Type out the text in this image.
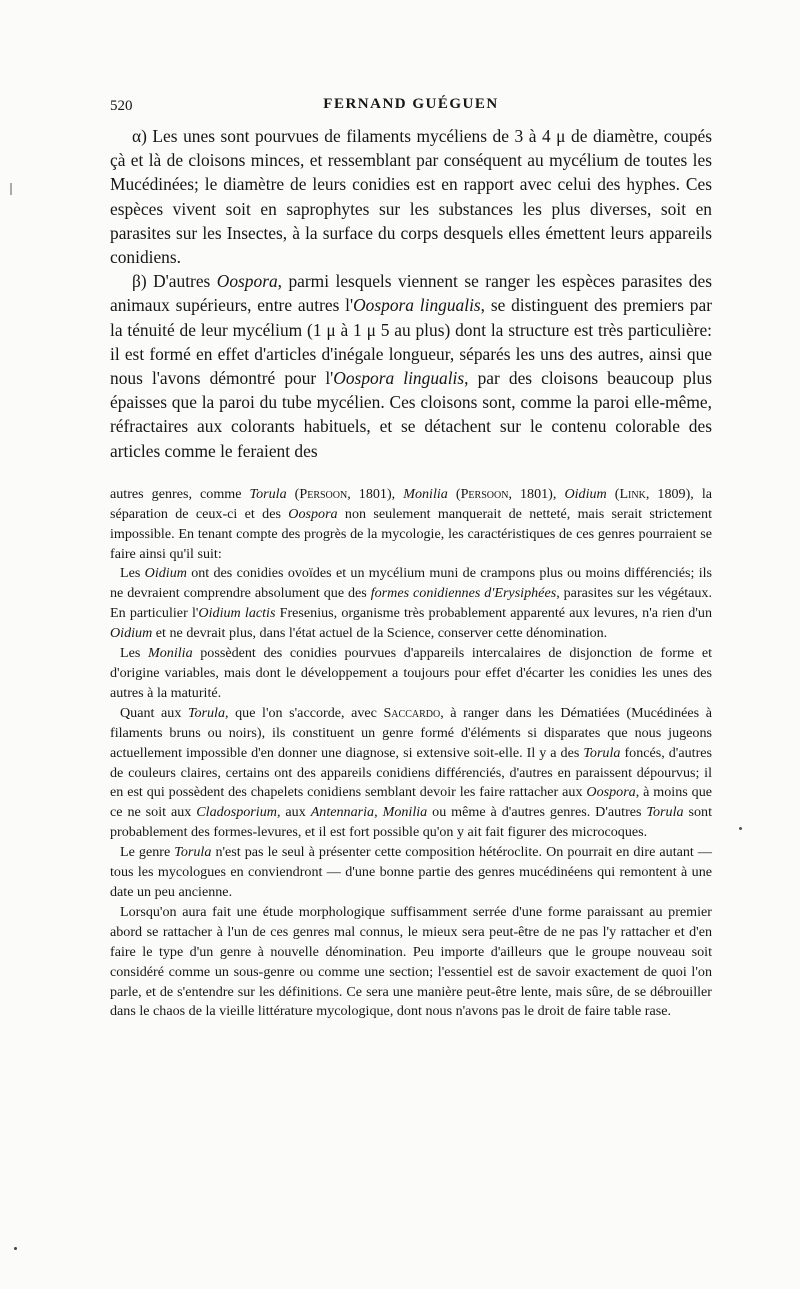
520	FERNAND GUÉGUEN

α) Les unes sont pourvues de filaments mycéliens de 3 à 4 μ de diamètre, coupés çà et là de cloisons minces, et ressemblant par conséquent au mycélium de toutes les Mucédinées; le diamètre de leurs conidies est en rapport avec celui des hyphes. Ces espèces vivent soit en saprophytes sur les substances les plus diverses, soit en parasites sur les Insectes, à la surface du corps desquels elles émettent leurs appareils conidiens.

β) D'autres Oospora, parmi lesquels viennent se ranger les espèces parasites des animaux supérieurs, entre autres l'Oospora lingualis, se distinguent des premiers par la ténuité de leur mycélium (1 μ à 1 μ 5 au plus) dont la structure est très particulière: il est formé en effet d'articles d'inégale longueur, séparés les uns des autres, ainsi que nous l'avons démontré pour l'Oospora lingualis, par des cloisons beaucoup plus épaisses que la paroi du tube mycélien. Ces cloisons sont, comme la paroi elle-même, réfractaires aux colorants habituels, et se détachent sur le contenu colorable des articles comme le feraient des

autres genres, comme Torula (Persoon, 1801), Monilia (Persoon, 1801), Oidium (Link, 1809), la séparation de ceux-ci et des Oospora non seulement manquerait de netteté, mais serait strictement impossible. En tenant compte des progrès de la mycologie, les caractéristiques de ces genres pourraient se faire ainsi qu'il suit:

Les Oidium ont des conidies ovoïdes et un mycélium muni de crampons plus ou moins différenciés; ils ne devraient comprendre absolument que des formes conidiennes d'Erysiphées, parasites sur les végétaux. En particulier l'Oidium lactis Fresenius, organisme très probablement apparenté aux levures, n'a rien d'un Oidium et ne devrait plus, dans l'état actuel de la Science, conserver cette dénomination.

Les Monilia possèdent des conidies pourvues d'appareils intercalaires de disjonction de forme et d'origine variables, mais dont le développement a toujours pour effet d'écarter les conidies les unes des autres à la maturité.

Quant aux Torula, que l'on s'accorde, avec Saccardo, à ranger dans les Dématiées (Mucédinées à filaments bruns ou noirs), ils constituent un genre formé d'éléments si disparates que nous jugeons actuellement impossible d'en donner une diagnose, si extensive soit-elle. Il y a des Torula foncés, d'autres de couleurs claires, certains ont des appareils conidiens différenciés, d'autres en paraissent dépourvus; il en est qui possèdent des chapelets conidiens semblant devoir les faire rattacher aux Oospora, à moins que ce ne soit aux Cladosporium, aux Antennaria, Monilia ou même à d'autres genres. D'autres Torula sont probablement des formes-levures, et il est fort possible qu'on y ait fait figurer des microcoques.

Le genre Torula n'est pas le seul à présenter cette composition hétéroclite. On pourrait en dire autant — tous les mycologues en conviendront — d'une bonne partie des genres mucédinéens qui remontent à une date un peu ancienne.

Lorsqu'on aura fait une étude morphologique suffisamment serrée d'une forme paraissant au premier abord se rattacher à l'un de ces genres mal connus, le mieux sera peut-être de ne pas l'y rattacher et d'en faire le type d'un genre à nouvelle dénomination. Peu importe d'ailleurs que le groupe nouveau soit considéré comme un sous-genre ou comme une section; l'essentiel est de savoir exactement de quoi l'on parle, et de s'entendre sur les définitions. Ce sera une manière peut-être lente, mais sûre, de se débrouiller dans le chaos de la vieille littérature mycologique, dont nous n'avons pas le droit de faire table rase.
